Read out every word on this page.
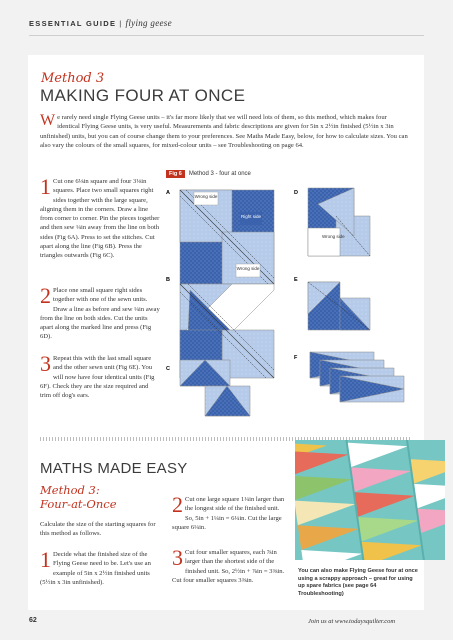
ESSENTIAL GUIDE | flying geese
Method 3
MAKING FOUR AT ONCE
We rarely need single Flying Geese units – it's far more likely that we will need lots of them, so this method, which makes four identical Flying Geese units, is very useful. Measurements and fabric descriptions are given for 5in x 2½in finished (5½in x 3in unfinished) units, but you can of course change them to your preferences. See Maths Made Easy, below, for how to calculate sizes. You can also vary the colours of the small squares, for mixed-colour units – see Troubleshooting on page 64.
1 Cut one 6⅛in square and four 3⅛in squares. Place two small squares right sides together with the large square, aligning them in the corners. Draw a line from corner to corner. Pin the pieces together and then sew ¼in away from the line on both sides (Fig 6A). Press to set the stitches. Cut apart along the line (Fig 6B). Press the triangles outwards (Fig 6C).
2 Place one small square right sides together with one of the sewn units. Draw a line as before and sew ¼in away from the line on both sides. Cut the units apart along the marked line and press (Fig 6D).
3 Repeat this with the last small square and the other sewn unit (Fig 6E). You will now have four identical units (Fig 6F). Check they are the size required and trim off dog's ears.
Fig 6 Method 3 - four at once
A
Wrong side
Right side
Wrong side
D
Wrong side
B	E
C
F
MATHS MADE EASY
Method 3:
Four-at-Once
Calculate the size of the starting squares for this method as follows.
1 Decide what the finished size of the Flying Geese need to be. Let's use an example of 5in x 2½in finished units (5½in x 3in unfinished).
2 Cut one large square 1¼in larger than the longest side of the finished unit. So, 5in + 1¼in = 6¼in. Cut the large square 6¼in.
3 Cut four smaller squares, each ⅞in larger than the shortest side of the finished unit. So, 2½in + ⅞in = 3⅜in. Cut four smaller squares 3⅜in.
You can also make Flying Geese four at once using a scrappy approach – great for using up spare fabrics (see page 64 Troubleshooting)
62	Join us at www.todaysquilter.com
